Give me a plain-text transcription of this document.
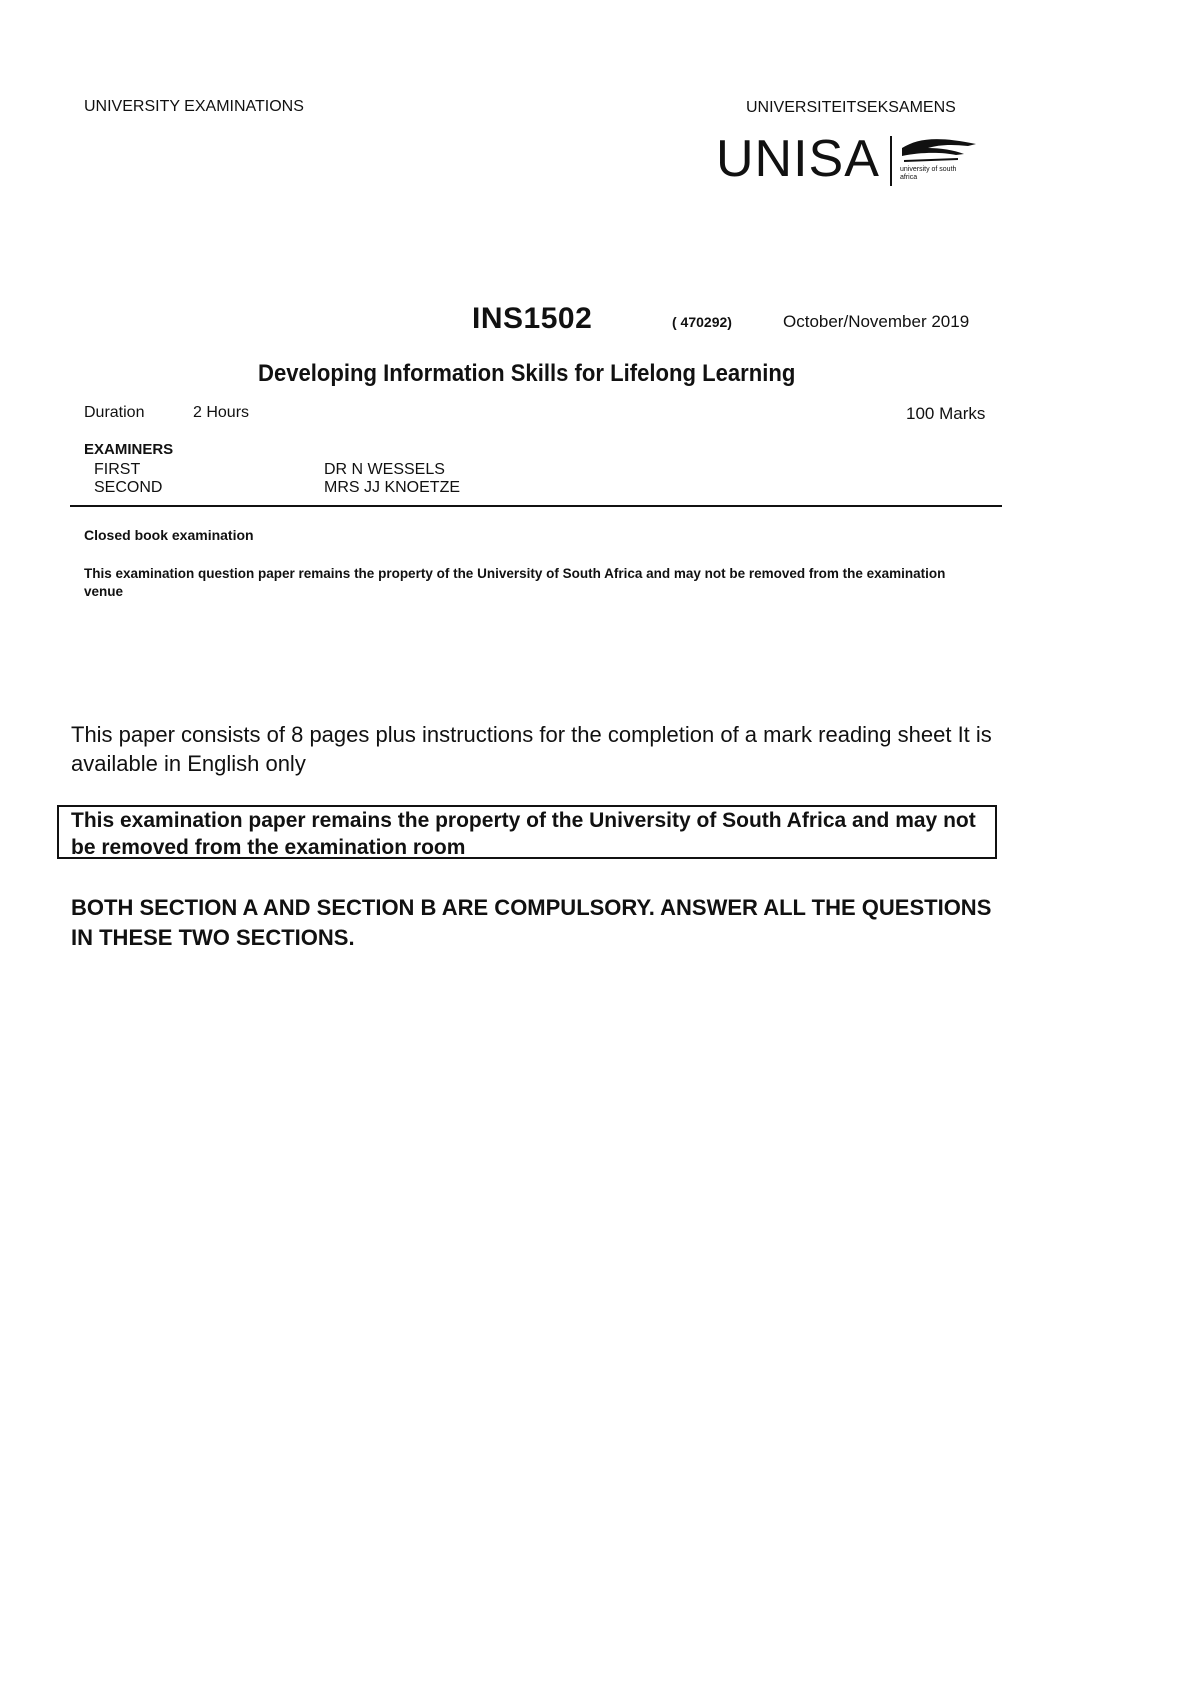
UNIVERSITY EXAMINATIONS	UNIVERSITEITSEKSAMENS
UNISA	university of south africa
INS1502	( 470292)	October/November 2019
Developing Information Skills for Lifelong Learning
Duration	2 Hours	100 Marks
EXAMINERS
FIRST	DR N WESSELS
SECOND	MRS JJ KNOETZE
Closed book examination
This examination question paper remains the property of the University of South Africa and may not be removed from the examination venue
This paper consists of 8 pages plus instructions for the completion of a mark reading sheet It is available in English only
This examination paper remains the property of the University of South Africa and may not be removed from the examination room
BOTH SECTION A AND SECTION B ARE COMPULSORY. ANSWER ALL THE QUESTIONS IN THESE TWO SECTIONS.
